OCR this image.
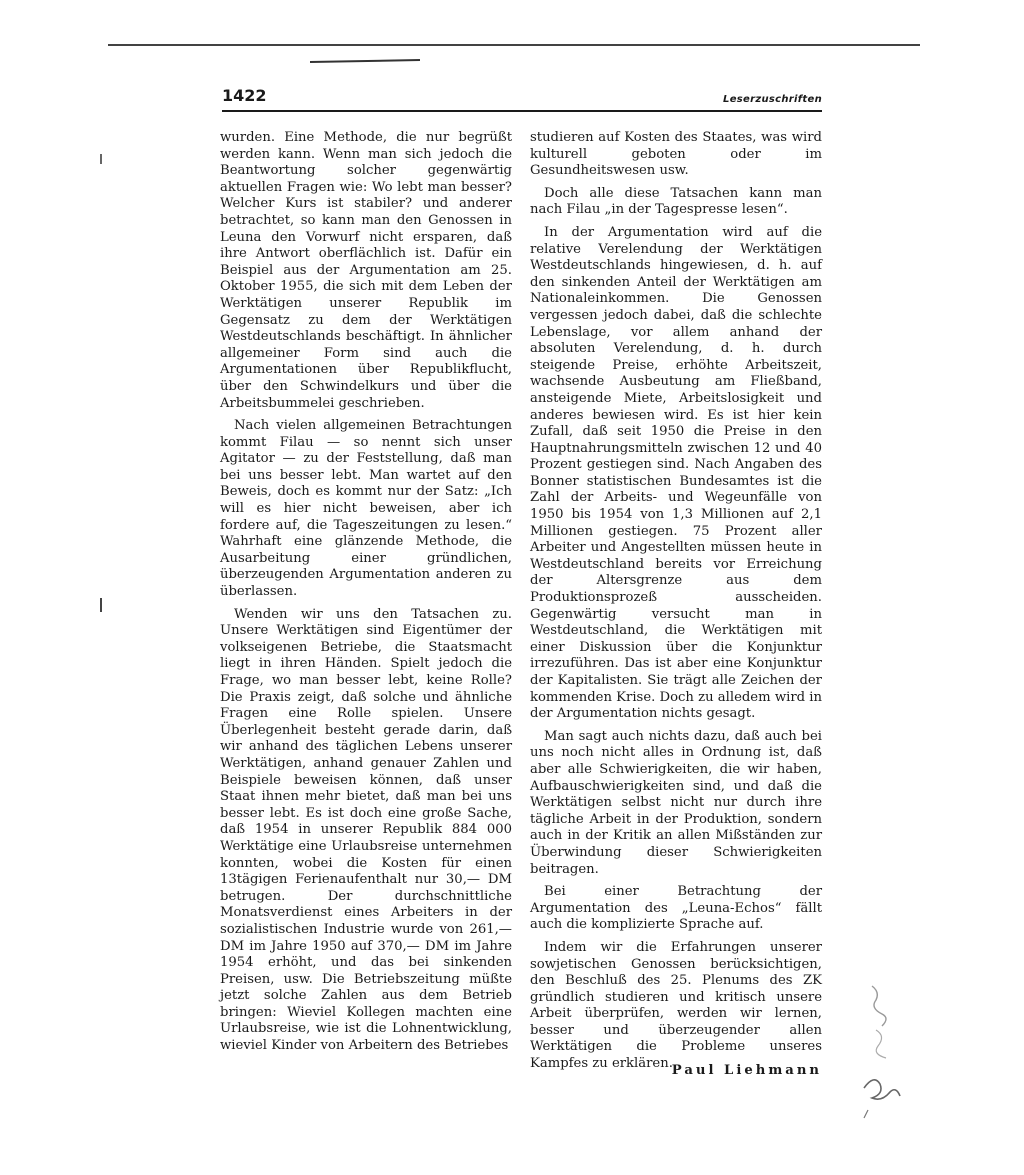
1422	Leserzuschriften

wurden. Eine Methode, die nur begrüßt werden kann. Wenn man sich jedoch die Beantwortung solcher gegenwärtig aktuellen Fragen wie: Wo lebt man besser? Welcher Kurs ist stabiler? und anderer betrachtet, so kann man den Genossen in Leuna den Vorwurf nicht ersparen, daß ihre Antwort oberflächlich ist. Dafür ein Beispiel aus der Argumentation am 25. Oktober 1955, die sich mit dem Leben der Werktätigen unserer Republik im Gegensatz zu dem der Werktätigen Westdeutschlands beschäftigt. In ähnlicher allgemeiner Form sind auch die Argumentationen über Republikflucht, über den Schwindelkurs und über die Arbeitsbummelei geschrieben.

Nach vielen allgemeinen Betrachtungen kommt Filau — so nennt sich unser Agitator — zu der Feststellung, daß man bei uns besser lebt. Man wartet auf den Beweis, doch es kommt nur der Satz: „Ich will es hier nicht beweisen, aber ich fordere auf, die Tageszeitungen zu lesen.“ Wahrhaft eine glänzende Methode, die Ausarbeitung einer gründlichen, überzeugenden Argumentation anderen zu überlassen.

Wenden wir uns den Tatsachen zu. Unsere Werktätigen sind Eigentümer der volkseigenen Betriebe, die Staatsmacht liegt in ihren Händen. Spielt jedoch die Frage, wo man besser lebt, keine Rolle? Die Praxis zeigt, daß solche und ähnliche Fragen eine Rolle spielen. Unsere Überlegenheit besteht gerade darin, daß wir anhand des täglichen Lebens unserer Werktätigen, anhand genauer Zahlen und Beispiele beweisen können, daß unser Staat ihnen mehr bietet, daß man bei uns besser lebt. Es ist doch eine große Sache, daß 1954 in unserer Republik 884 000 Werktätige eine Urlaubsreise unternehmen konnten, wobei die Kosten für einen 13tägigen Ferienaufenthalt nur 30,— DM betrugen. Der durchschnittliche Monatsverdienst eines Arbeiters in der sozialistischen Industrie wurde von 261,— DM im Jahre 1950 auf 370,— DM im Jahre 1954 erhöht, und das bei sinkenden Preisen, usw. Die Betriebszeitung müßte jetzt solche Zahlen aus dem Betrieb bringen: Wieviel Kollegen machten eine Urlaubsreise, wie ist die Lohnentwicklung, wieviel Kinder von Arbeitern des Betriebes

studieren auf Kosten des Staates, was wird kulturell geboten oder im Gesundheitswesen usw.

Doch alle diese Tatsachen kann man nach Filau „in der Tagespresse lesen“.

In der Argumentation wird auf die relative Verelendung der Werktätigen Westdeutschlands hingewiesen, d. h. auf den sinkenden Anteil der Werktätigen am Nationaleinkommen. Die Genossen vergessen jedoch dabei, daß die schlechte Lebenslage, vor allem anhand der absoluten Verelendung, d. h. durch steigende Preise, erhöhte Arbeitszeit, wachsende Ausbeutung am Fließband, ansteigende Miete, Arbeitslosigkeit und anderes bewiesen wird. Es ist hier kein Zufall, daß seit 1950 die Preise in den Hauptnahrungsmitteln zwischen 12 und 40 Prozent gestiegen sind. Nach Angaben des Bonner statistischen Bundesamtes ist die Zahl der Arbeits- und Wegeunfälle von 1950 bis 1954 von 1,3 Millionen auf 2,1 Millionen gestiegen. 75 Prozent aller Arbeiter und Angestellten müssen heute in Westdeutschland bereits vor Erreichung der Altersgrenze aus dem Produktionsprozeß ausscheiden. Gegenwärtig versucht man in Westdeutschland, die Werktätigen mit einer Diskussion über die Konjunktur irrezuführen. Das ist aber eine Konjunktur der Kapitalisten. Sie trägt alle Zeichen der kommenden Krise. Doch zu alledem wird in der Argumentation nichts gesagt.

Man sagt auch nichts dazu, daß auch bei uns noch nicht alles in Ordnung ist, daß aber alle Schwierigkeiten, die wir haben, Aufbauschwierigkeiten sind, und daß die Werktätigen selbst nicht nur durch ihre tägliche Arbeit in der Produktion, sondern auch in der Kritik an allen Mißständen zur Überwindung dieser Schwierigkeiten beitragen.

Bei einer Betrachtung der Argumentation des „Leuna-Echos“ fällt auch die komplizierte Sprache auf.

Indem wir die Erfahrungen unserer sowjetischen Genossen berücksichtigen, den Beschluß des 25. Plenums des ZK gründlich studieren und kritisch unsere Arbeit überprüfen, werden wir lernen, besser und überzeugender allen Werktätigen die Probleme unseres Kampfes zu erklären.

Paul Liehmann
